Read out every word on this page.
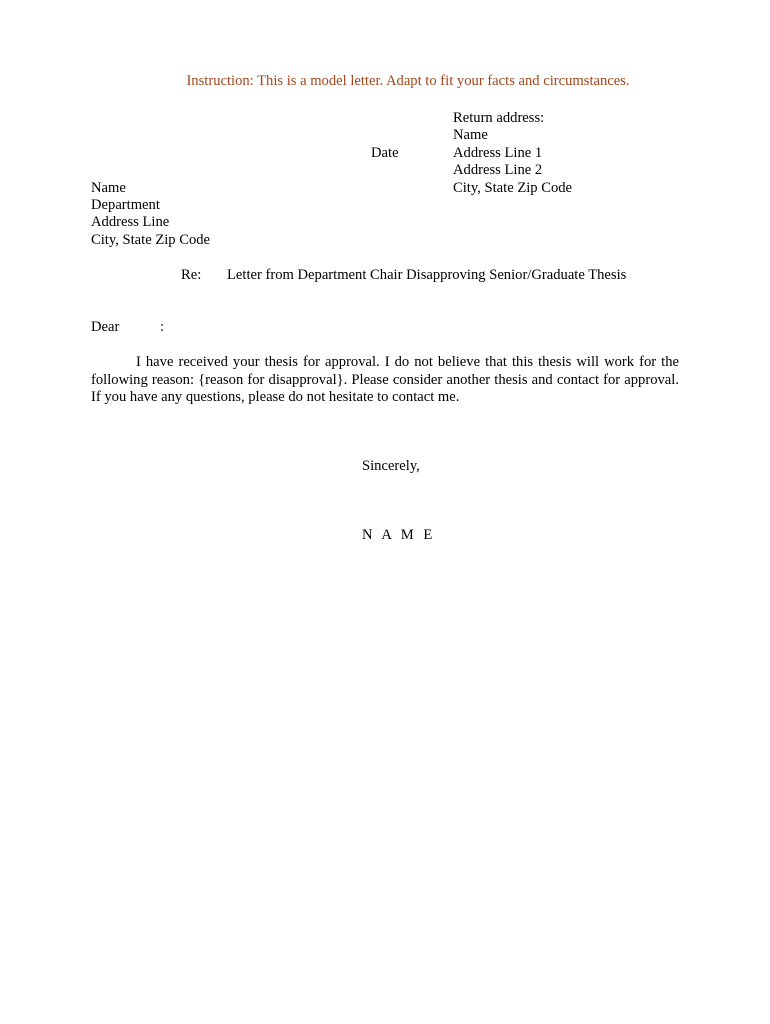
Instruction: This is a model letter. Adapt to fit your facts and circumstances.
Return address:
Name
Address Line 1
Address Line 2
City, State Zip Code
Date
Name
Department
Address Line
City, State Zip Code
Re: Letter from Department Chair Disapproving Senior/Graduate Thesis
Dear	:
I have received your thesis for approval. I do not believe that this thesis will work for the following reason: {reason for disapproval}. Please consider another thesis and contact for approval. If you have any questions, please do not hesitate to contact me.
Sincerely,
N A M E
